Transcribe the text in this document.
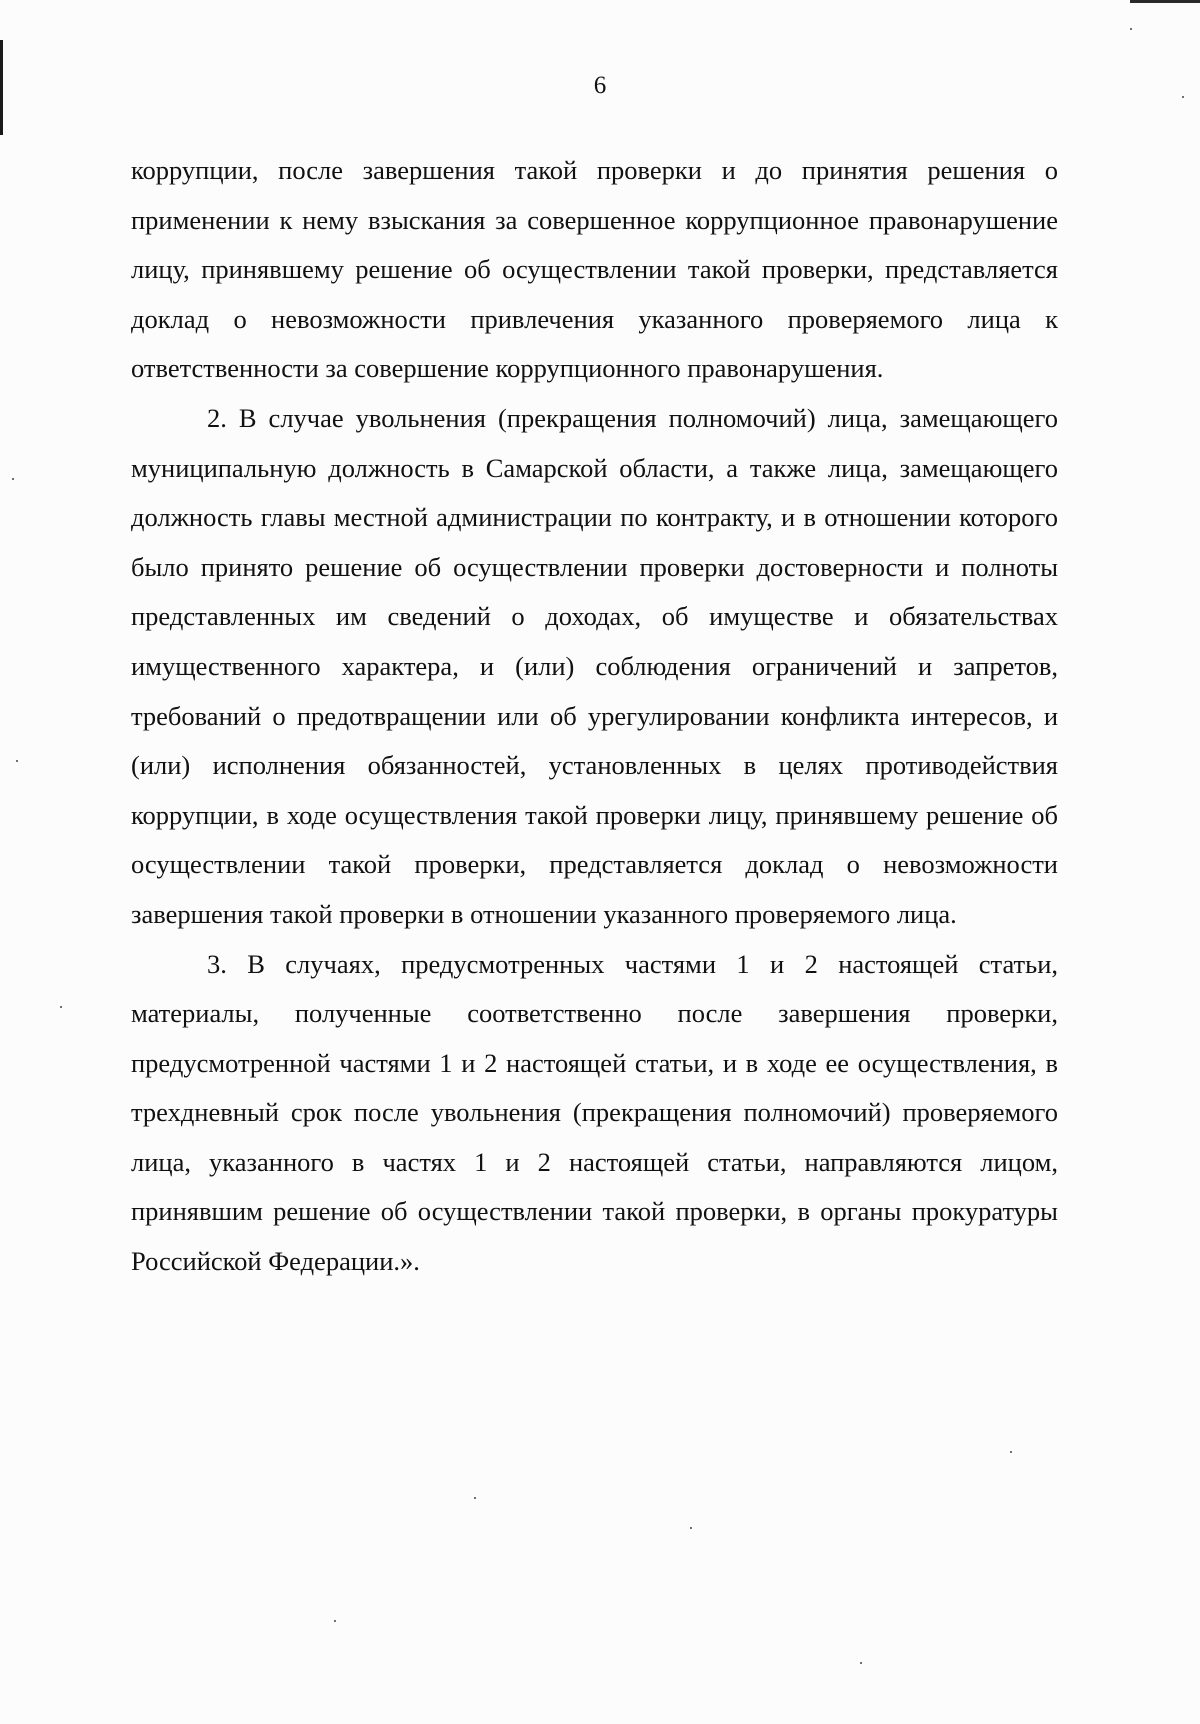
6

коррупции, после завершения такой проверки и до принятия решения о применении к нему взыскания за совершенное коррупционное правонарушение лицу, принявшему решение об осуществлении такой проверки, представляется доклад о невозможности привлечения указанного проверяемого лица к ответственности за совершение коррупционного правонарушения.

2. В случае увольнения (прекращения полномочий) лица, замещающего муниципальную должность в Самарской области, а также лица, замещающего должность главы местной администрации по контракту, и в отношении которого было принято решение об осуществлении проверки достоверности и полноты представленных им сведений о доходах, об имуществе и обязательствах имущественного характера, и (или) соблюдения ограничений и запретов, требований о предотвращении или об урегулировании конфликта интересов, и (или) исполнения обязанностей, установленных в целях противодействия коррупции, в ходе осуществления такой проверки лицу, принявшему решение об осуществлении такой проверки, представляется доклад о невозможности завершения такой проверки в отношении указанного проверяемого лица.

3. В случаях, предусмотренных частями 1 и 2 настоящей статьи, материалы, полученные соответственно после завершения проверки, предусмотренной частями 1 и 2 настоящей статьи, и в ходе ее осуществления, в трехдневный срок после увольнения (прекращения полномочий) проверяемого лица, указанного в частях 1 и 2 настоящей статьи, направляются лицом, принявшим решение об осуществлении такой проверки, в органы прокуратуры Российской Федерации.».
